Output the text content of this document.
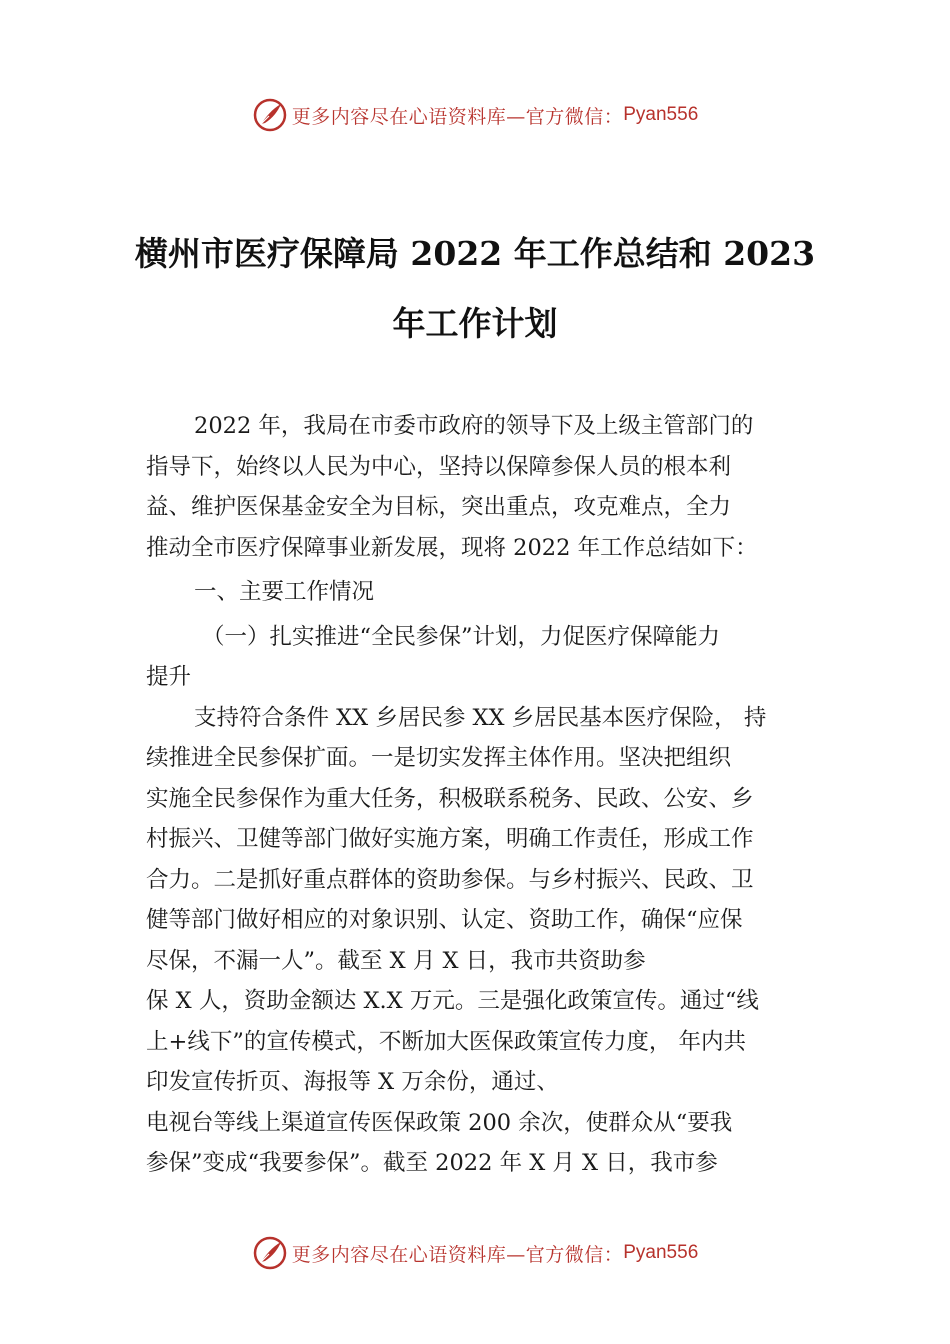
更多内容尽在心语资料库—官方微信： Pyan556
横州市医疗保障局 2022 年工作总结和 2023
年工作计划
2022 年，我局在市委市政府的领导下及上级主管部门的
指导下，始终以人民为中心，坚持以保障参保人员的根本利
益、维护医保基金安全为目标，突出重点，攻克难点，全力
推动全市医疗保障事业新发展，现将 2022 年工作总结如下：
一、主要工作情况
（一）扎实推进“全民参保”计划，力促医疗保障能力
提升
支持符合条件 XX 乡居民参 XX 乡居民基本医疗保险， 持
续推进全民参保扩面。一是切实发挥主体作用。坚决把组织
实施全民参保作为重大任务，积极联系税务、民政、公安、乡
村振兴、卫健等部门做好实施方案，明确工作责任，形成工作
合力。二是抓好重点群体的资助参保。与乡村振兴、民政、卫
健等部门做好相应的对象识别、认定、资助工作，确保“应保
尽保，不漏一人”。截至 X 月 X 日，我市共资助参
保 X 人，资助金额达 X.X 万元。三是强化政策宣传。通过“线
上+线下”的宣传模式，不断加大医保政策宣传力度， 年内共
印发宣传折页、海报等 X 万余份，通过、
电视台等线上渠道宣传医保政策 200 余次，使群众从“要我
参保”变成“我要参保”。截至 2022 年 X 月 X 日，我市参
更多内容尽在心语资料库—官方微信： Pyan556
